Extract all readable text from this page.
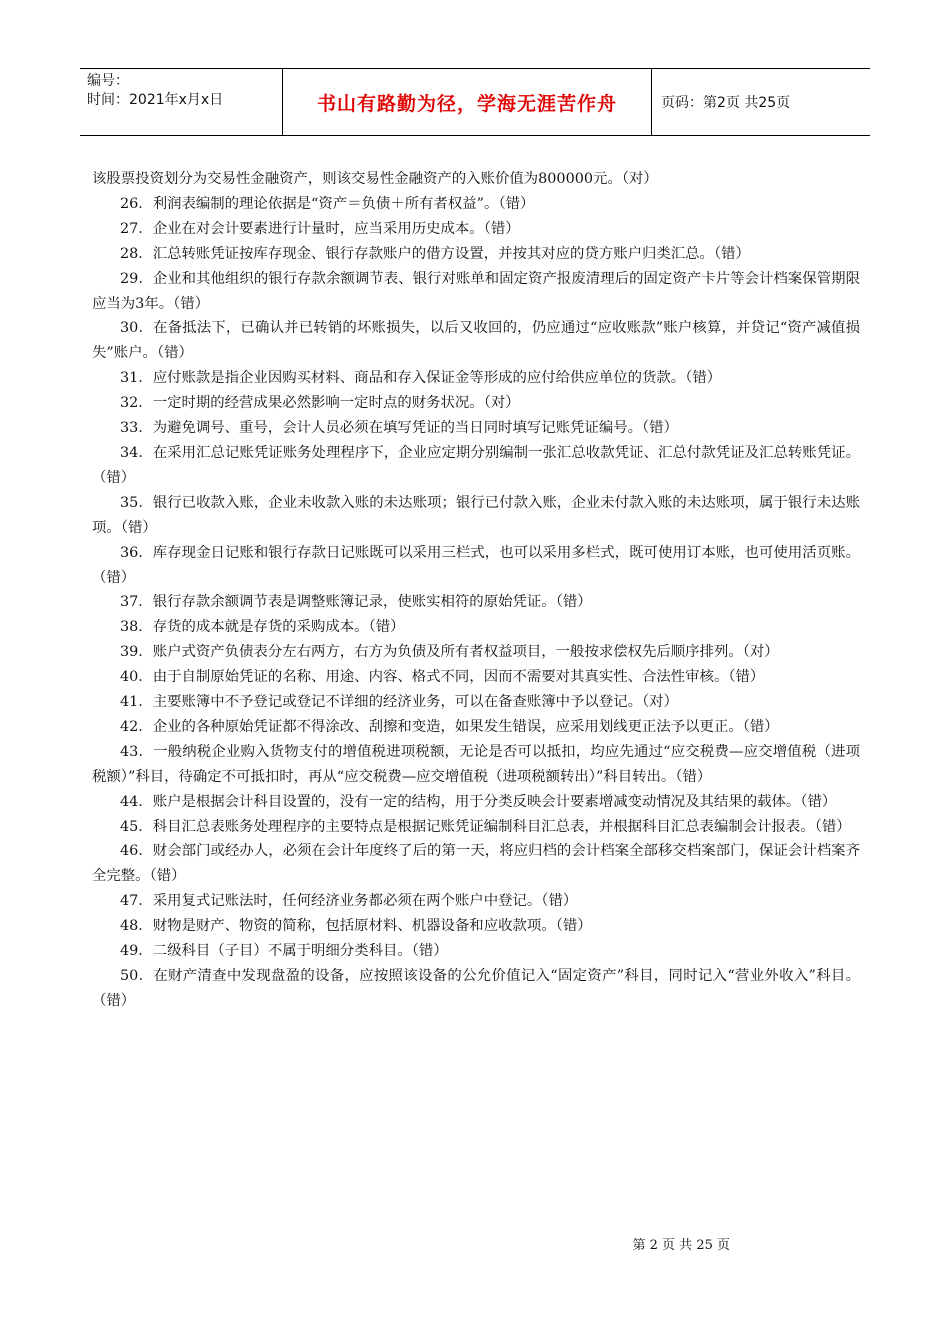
编号：
时间：2021年x月x日	书山有路勤为径，学海无涯苦作舟	页码：第2页 共25页

该股票投资划分为交易性金融资产，则该交易性金融资产的入账价值为800000元。（对）

26．利润表编制的理论依据是“资产＝负债＋所有者权益”。（错）

27．企业在对会计要素进行计量时，应当采用历史成本。（错）

28．汇总转账凭证按库存现金、银行存款账户的借方设置，并按其对应的贷方账户归类汇总。（错）

29．企业和其他组织的银行存款余额调节表、银行对账单和固定资产报废清理后的固定资产卡片等会计档案保管期限应当为3年。（错）

30．在备抵法下，已确认并已转销的坏账损失，以后又收回的，仍应通过“应收账款”账户核算，并贷记“资产减值损失”账户。（错）

31．应付账款是指企业因购买材料、商品和存入保证金等形成的应付给供应单位的货款。（错）

32．一定时期的经营成果必然影响一定时点的财务状况。（对）

33．为避免调号、重号，会计人员必须在填写凭证的当日同时填写记账凭证编号。（错）

34．在采用汇总记账凭证账务处理程序下，企业应定期分别编制一张汇总收款凭证、汇总付款凭证及汇总转账凭证。（错）

35．银行已收款入账，企业未收款入账的未达账项；银行已付款入账，企业未付款入账的未达账项，属于银行未达账项。（错）

36．库存现金日记账和银行存款日记账既可以采用三栏式，也可以采用多栏式，既可使用订本账，也可使用活页账。（错）

37．银行存款余额调节表是调整账簿记录，使账实相符的原始凭证。（错）

38．存货的成本就是存货的采购成本。（错）

39．账户式资产负债表分左右两方，右方为负债及所有者权益项目，一般按求偿权先后顺序排列。（对）

40．由于自制原始凭证的名称、用途、内容、格式不同，因而不需要对其真实性、合法性审核。（错）

41．主要账簿中不予登记或登记不详细的经济业务，可以在备查账簿中予以登记。（对）

42．企业的各种原始凭证都不得涂改、刮擦和变造，如果发生错误，应采用划线更正法予以更正。（错）

43．一般纳税企业购入货物支付的增值税进项税额，无论是否可以抵扣，均应先通过“应交税费—应交增值税（进项税额）”科目，待确定不可抵扣时，再从“应交税费—应交增值税（进项税额转出）”科目转出。（错）

44．账户是根据会计科目设置的，没有一定的结构，用于分类反映会计要素增减变动情况及其结果的载体。（错）

45．科目汇总表账务处理程序的主要特点是根据记账凭证编制科目汇总表，并根据科目汇总表编制会计报表。（错）

46．财会部门或经办人，必须在会计年度终了后的第一天，将应归档的会计档案全部移交档案部门，保证会计档案齐全完整。（错）

47．采用复式记账法时，任何经济业务都必须在两个账户中登记。（错）

48．财物是财产、物资的简称，包括原材料、机器设备和应收款项。（错）

49．二级科目（子目）不属于明细分类科目。（错）

50．在财产清查中发现盘盈的设备，应按照该设备的公允价值记入“固定资产”科目，同时记入“营业外收入”科目。（错）

第 2 页 共 25 页
